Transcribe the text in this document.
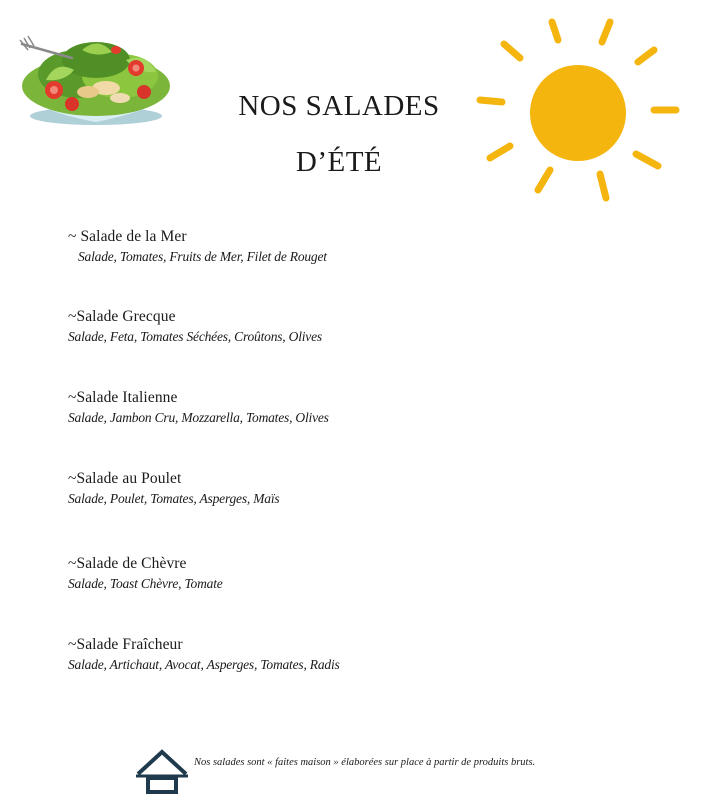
NOS SALADES
D’ÉTÉ
~ Salade de la Mer
Salade, Tomates, Fruits de Mer, Filet de Rouget
~Salade Grecque
Salade, Feta, Tomates Séchées, Croûtons, Olives
~Salade Italienne
Salade, Jambon Cru, Mozzarella, Tomates, Olives
~Salade au Poulet
Salade, Poulet, Tomates, Asperges, Maïs
~Salade de Chèvre
Salade, Toast Chèvre, Tomate
~Salade Fraîcheur
Salade, Artichaut, Avocat, Asperges, Tomates, Radis
Nos salades sont « faites maison » élaborées sur place à partir de produits bruts.
